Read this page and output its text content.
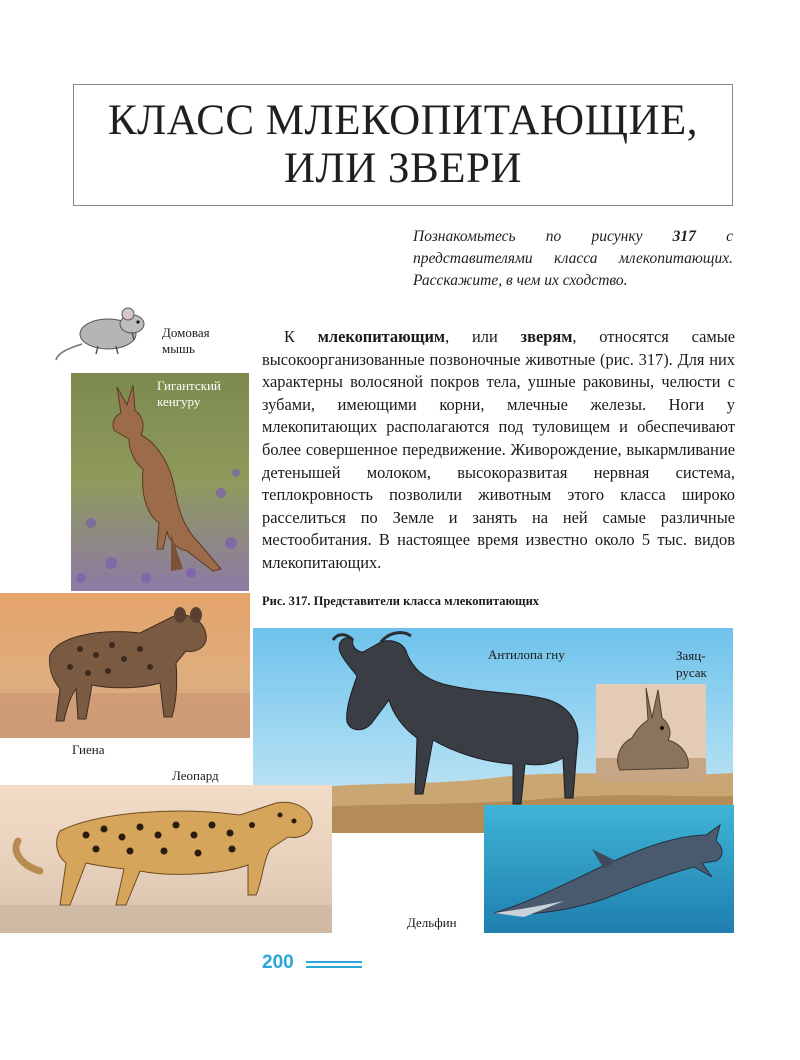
КЛАСС МЛЕКОПИТАЮЩИЕ,
ИЛИ ЗВЕРИ
Познакомьтесь по рисунку 317 с представителями класса млекопитающих. Расскажите, в чем их сходство.
К млекопитающим, или зверям, относятся самые высокоорганизованные позвоночные животные (рис. 317). Для них характерны волосяной покров тела, ушные раковины, челюсти с зубами, имеющими корни, млечные железы. Ноги у млекопитающих располагаются под туловищем и обеспечивают более совершенное передвижение. Живорождение, выкармливание детенышей молоком, высокоразвитая нервная система, теплокровность позволили животным этого класса широко расселиться по Земле и занять на ней самые различные местообитания. В настоящее время известно около 5 тыс. видов млекопитающих.
Рис. 317. Представители класса млекопитающих
Домовая
мышь
Гигантский
кенгуру
Гиена
Антилопа гну	Заяц-
русак
Леопард
Дельфин
200
